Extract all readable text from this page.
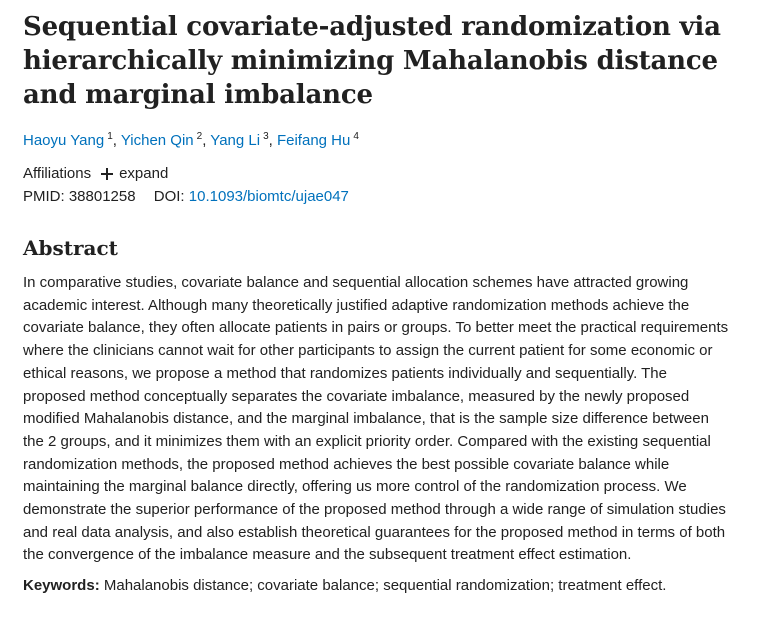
Sequential covariate-adjusted randomization via hierarchically minimizing Mahalanobis distance and marginal imbalance
Haoyu Yang $^1$, Yichen Qin $^2$, Yang Li $^3$, Feifang Hu $^4$
Affiliations expand
PMID: 38801258 DOI: 10.1093/biomtc/ujae047
Abstract
In comparative studies, covariate balance and sequential allocation schemes have attracted growing academic interest. Although many theoretically justified adaptive randomization methods achieve the covariate balance, they often allocate patients in pairs or groups. To better meet the practical requirements where the clinicians cannot wait for other participants to assign the current patient for some economic or ethical reasons, we propose a method that randomizes patients individually and sequentially. The proposed method conceptually separates the covariate imbalance, measured by the newly proposed modified Mahalanobis distance, and the marginal imbalance, that is the sample size difference between the 2 groups, and it minimizes them with an explicit priority order. Compared with the existing sequential randomization methods, the proposed method achieves the best possible covariate balance while maintaining the marginal balance directly, offering us more control of the randomization process. We demonstrate the superior performance of the proposed method through a wide range of simulation studies and real data analysis, and also establish theoretical guarantees for the proposed method in terms of both the convergence of the imbalance measure and the subsequent treatment effect estimation.
Keywords: Mahalanobis distance; covariate balance; sequential randomization; treatment effect.
